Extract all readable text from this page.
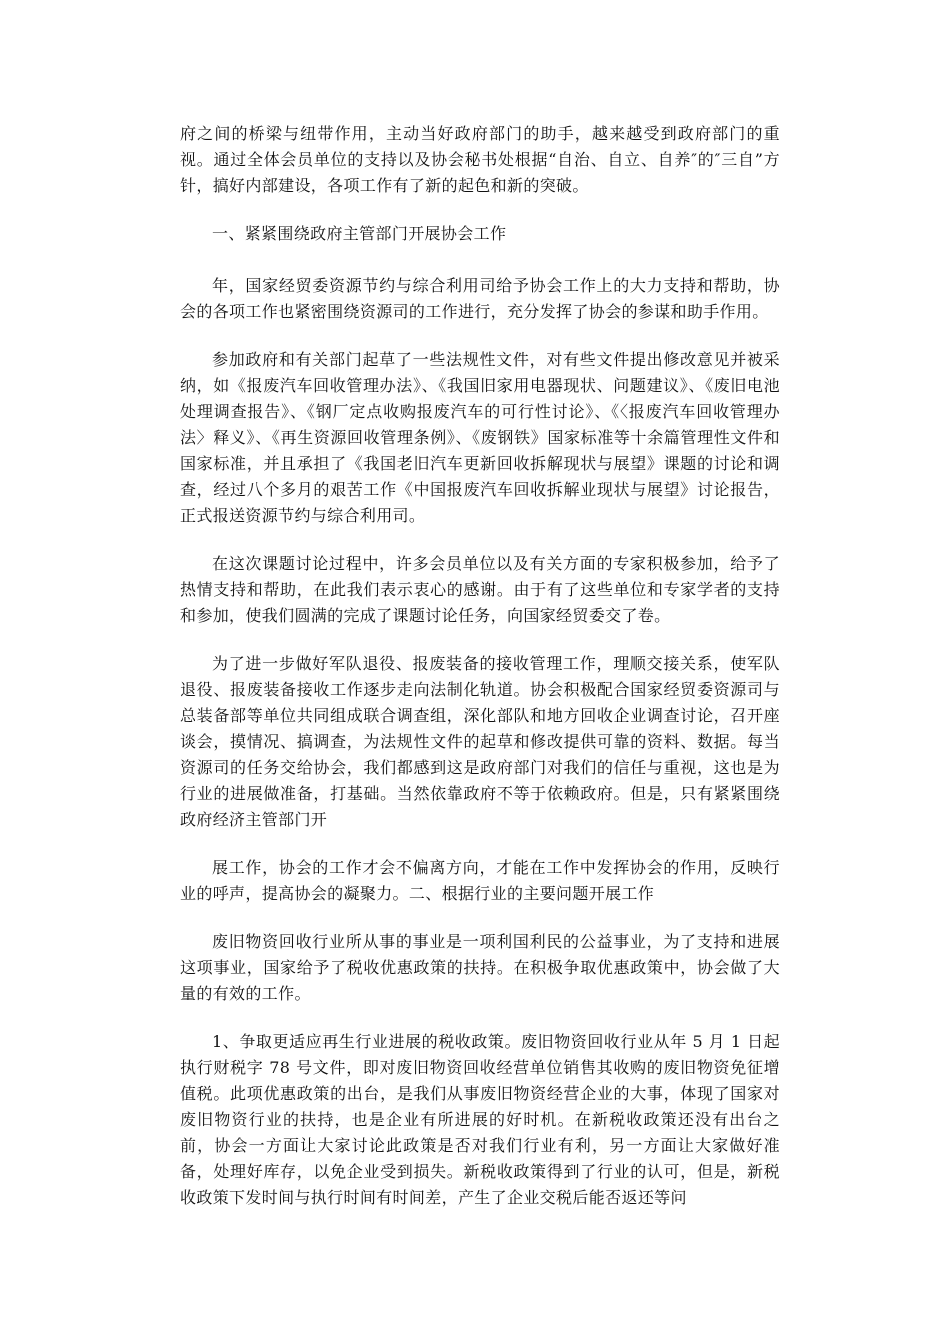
府之间的桥梁与纽带作用，主动当好政府部门的助手，越来越受到政府部门的重视。通过全体会员单位的支持以及协会秘书处根据“自治、自立、自养″的″三自”方针，搞好内部建设，各项工作有了新的起色和新的突破。

一、紧紧围绕政府主管部门开展协会工作

年，国家经贸委资源节约与综合利用司给予协会工作上的大力支持和帮助，协会的各项工作也紧密围绕资源司的工作进行，充分发挥了协会的参谋和助手作用。

参加政府和有关部门起草了一些法规性文件，对有些文件提出修改意见并被采纳，如《报废汽车回收管理办法》、《我国旧家用电器现状、问题建议》、《废旧电池处理调查报告》、《钢厂定点收购报废汽车的可行性讨论》、《〈报废汽车回收管理办法〉释义》、《再生资源回收管理条例》、《废钢铁》国家标准等十余篇管理性文件和国家标准，并且承担了《我国老旧汽车更新回收拆解现状与展望》课题的讨论和调查，经过八个多月的艰苦工作《中国报废汽车回收拆解业现状与展望》讨论报告，正式报送资源节约与综合利用司。

在这次课题讨论过程中，许多会员单位以及有关方面的专家积极参加，给予了热情支持和帮助，在此我们表示衷心的感谢。由于有了这些单位和专家学者的支持和参加，使我们圆满的完成了课题讨论任务，向国家经贸委交了卷。

为了进一步做好军队退役、报废装备的接收管理工作，理顺交接关系，使军队退役、报废装备接收工作逐步走向法制化轨道。协会积极配合国家经贸委资源司与总装备部等单位共同组成联合调查组，深化部队和地方回收企业调查讨论，召开座谈会，摸情况、搞调查，为法规性文件的起草和修改提供可靠的资料、数据。每当资源司的任务交给协会，我们都感到这是政府部门对我们的信任与重视，这也是为行业的进展做准备，打基础。当然依靠政府不等于依赖政府。但是，只有紧紧围绕政府经济主管部门开

展工作，协会的工作才会不偏离方向，才能在工作中发挥协会的作用，反映行业的呼声，提高协会的凝聚力。二、根据行业的主要问题开展工作

废旧物资回收行业所从事的事业是一项利国利民的公益事业，为了支持和进展这项事业，国家给予了税收优惠政策的扶持。在积极争取优惠政策中，协会做了大量的有效的工作。

1、争取更适应再生行业进展的税收政策。废旧物资回收行业从年 5 月 1 日起执行财税字 78 号文件，即对废旧物资回收经营单位销售其收购的废旧物资免征增值税。此项优惠政策的出台，是我们从事废旧物资经营企业的大事，体现了国家对废旧物资行业的扶持，也是企业有所进展的好时机。在新税收政策还没有出台之前，协会一方面让大家讨论此政策是否对我们行业有利，另一方面让大家做好准备，处理好库存，以免企业受到损失。新税收政策得到了行业的认可，但是，新税收政策下发时间与执行时间有时间差，产生了企业交税后能否返还等问
